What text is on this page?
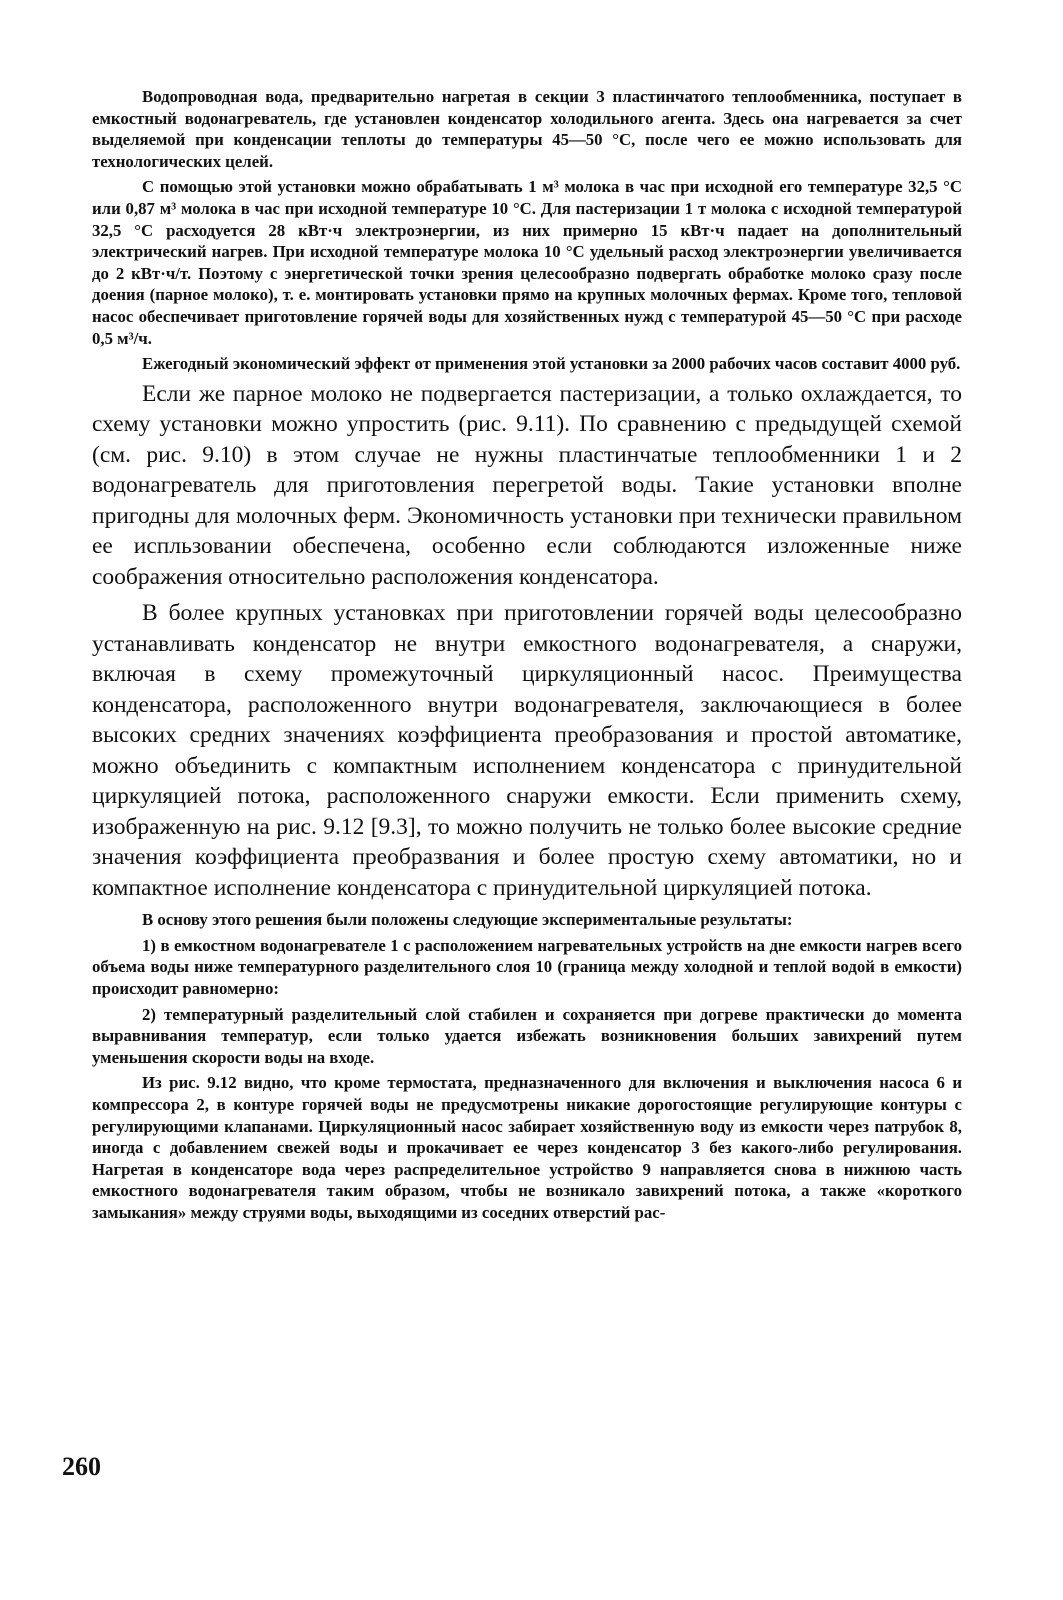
Водопроводная вода, предварительно нагретая в секции 3 пластинчатого теплообменника, поступает в емкостный водонагреватель, где установлен конденсатор холодильного агента. Здесь она нагревается за счет выделяемой при конденсации теплоты до температуры 45—50 °С, после чего ее можно использовать для технологических целей.

С помощью этой установки можно обрабатывать 1 м³ молока в час при исходной его температуре 32,5 °С или 0,87 м³ молока в час при исходной температуре 10 °С. Для пастеризации 1 т молока с исходной температурой 32,5 °С расходуется 28 кВт·ч электроэнергии, из них примерно 15 кВт·ч падает на дополнительный электрический нагрев. При исходной температуре молока 10 °С удельный расход электроэнергии увеличивается до 2 кВт·ч/т. Поэтому с энергетической точки зрения целесообразно подвергать обработке молоко сразу после доения (парное молоко), т. е. монтировать установки прямо на крупных молочных фермах. Кроме того, тепловой насос обеспечивает приготовление горячей воды для хозяйственных нужд с температурой 45—50 °С при расходе 0,5 м³/ч.

Ежегодный экономический эффект от применения этой установки за 2000 рабочих часов составит 4000 руб.

Если же парное молоко не подвергается пастеризации, а только охлаждается, то схему установки можно упростить (рис. 9.11). По сравнению с предыдущей схемой (см. рис. 9.10) в этом случае не нужны пластинчатые теплообменники 1 и 2 водонагреватель для приготовления перегретой воды. Такие установки вполне пригодны для молочных ферм. Экономичность установки при технически правильном ее испльзовании обеспечена, особенно если соблюдаются изложенные ниже соображения относительно расположения конденсатора.

В более крупных установках при приготовлении горячей воды целесообразно устанавливать конденсатор не внутри емкостного водонагревателя, а снаружи, включая в схему промежуточный циркуляционный насос. Преимущества конденсатора, расположенного внутри водонагревателя, заключающиеся в более высоких средних значениях коэффициента преобразования и простой автоматике, можно объединить с компактным исполнением конденсатора с принудительной циркуляцией потока, расположенного снаружи емкости. Если применить схему, изображенную на рис. 9.12 [9.3], то можно получить не только более высокие средние значения коэффициента преобразвания и более простую схему автоматики, но и компактное исполнение конденсатора с принудительной циркуляцией потока.

В основу этого решения были положены следующие экспериментальные результаты:

1) в емкостном водонагревателе 1 с расположением нагревательных устройств на дне емкости нагрев всего объема воды ниже температурного разделительного слоя 10 (граница между холодной и теплой водой в емкости) происходит равномерно:

2) температурный разделительный слой стабилен и сохраняется при догреве практически до момента выравнивания температур, если только удается избежать возникновения больших завихрений путем уменьшения скорости воды на входе.

Из рис. 9.12 видно, что кроме термостата, предназначенного для включения и выключения насоса 6 и компрессора 2, в контуре горячей воды не предусмотрены никакие дорогостоящие регулирующие контуры с регулирующими клапанами. Циркуляционный насос забирает хозяйственную воду из емкости через патрубок 8, иногда с добавлением свежей воды и прокачивает ее через конденсатор 3 без какого-либо регулирования. Нагретая в конденсаторе вода через распределительное устройство 9 направляется снова в нижнюю часть емкостного водонагревателя таким образом, чтобы не возникало завихрений потока, а также «короткого замыкания» между струями воды, выходящими из соседних отверстий рас-

260
